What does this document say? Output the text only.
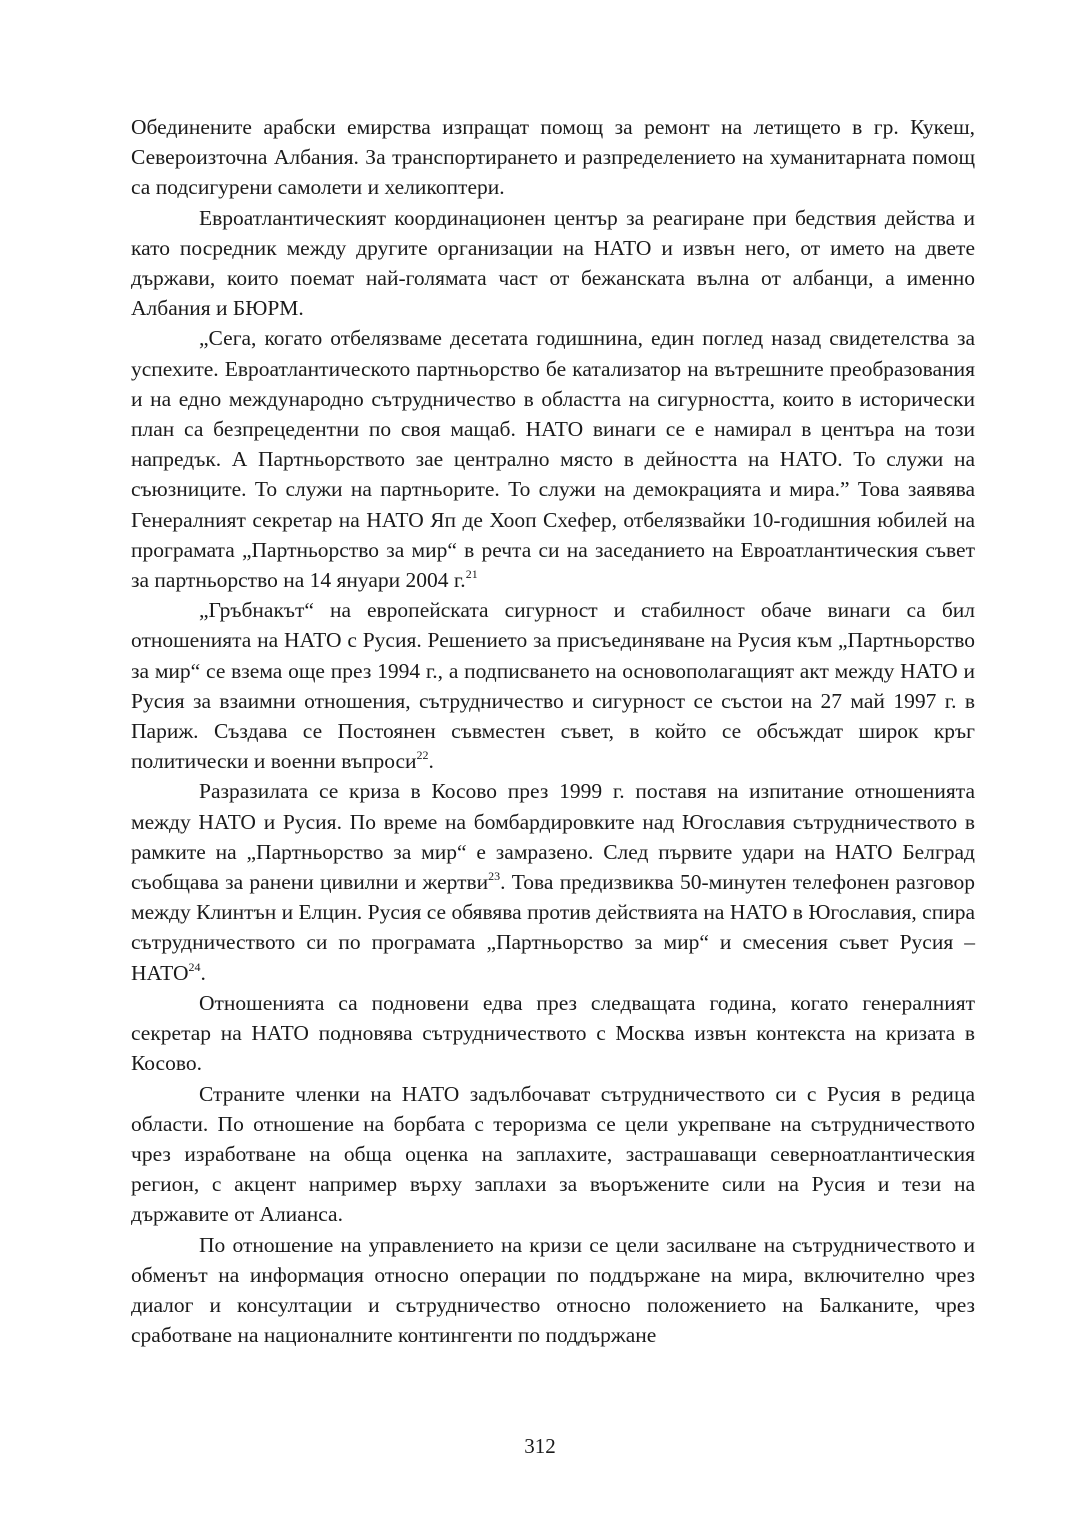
Обединените арабски емирства изпращат помощ за ремонт на летището в гр. Кукеш, Североизточна Албания. За транспортирането и разпределението на хуманитарната помощ са подсигурени самолети и хеликоптери.

Евроатлантическият координационен център за реагиране при бедствия действа и като посредник между другите организации на НАТО и извън него, от името на двете държави, които поемат най-голямата част от бежанската вълна от албанци, а именно Албания и БЮРМ.

„Сега, когато отбелязваме десетата годишнина, един поглед назад свидетелства за успехите. Евроатлантическото партньорство бе катализатор на вътрешните преобразования и на едно международно сътрудничество в областта на сигурността, които в исторически план са безпрецедентни по своя мащаб. НАТО винаги се е намирал в центъра на този напредък. А Партньорството зае централно място в дейността на НАТО. То служи на съюзниците. То служи на партньорите. То служи на демокрацията и мира.” Това заявява Генералният секретар на НАТО Яп де Хооп Схефер, отбелязвайки 10-годишния юбилей на програмата „Партньорство за мир“ в речта си на заседанието на Евроатлантическия съвет за партньорство на 14 януари 2004 г.$^{21}$

„Гръбнакът“ на европейската сигурност и стабилност обаче винаги са бил отношенията на НАТО с Русия. Решението за присъединяване на Русия към „Партньорство за мир“ се взема още през 1994 г., а подписването на основополагащият акт между НАТО и Русия за взаимни отношения, сътрудничество и сигурност се състои на 27 май 1997 г. в Париж. Създава се Постоянен съвместен съвет, в който се обсъждат широк кръг политически и военни въпроси$^{22}$.

Разразилата се криза в Косово през 1999 г. поставя на изпитание отношенията между НАТО и Русия. По време на бомбардировките над Югославия сътрудничеството в рамките на „Партньорство за мир“ е замразено. След първите удари на НАТО Белград съобщава за ранени цивилни и жертви$^{23}$. Това предизвиква 50-минутен телефонен разговор между Клинтън и Елцин. Русия се обявява против действията на НАТО в Югославия, спира сътрудничеството си по програмата „Партньорство за мир“ и смесения съвет Русия – НАТО$^{24}$.

Отношенията са подновени едва през следващата година, когато генералният секретар на НАТО подновява сътрудничеството с Москва извън контекста на кризата в Косово.

Страните членки на НАТО задълбочават сътрудничеството си с Русия в редица области. По отношение на борбата с тероризма се цели укрепване на сътрудничеството чрез изработване на обща оценка на заплахите, застрашаващи северноатлантическия регион, с акцент например върху заплахи за въоръжените сили на Русия и тези на държавите от Алианса.

По отношение на управлението на кризи се цели засилване на сътрудничеството и обменът на информация относно операции по поддържане на мира, включително чрез диалог и консултации и сътрудничество относно положението на Балканите, чрез сработване на националните контингенти по поддържане

312
